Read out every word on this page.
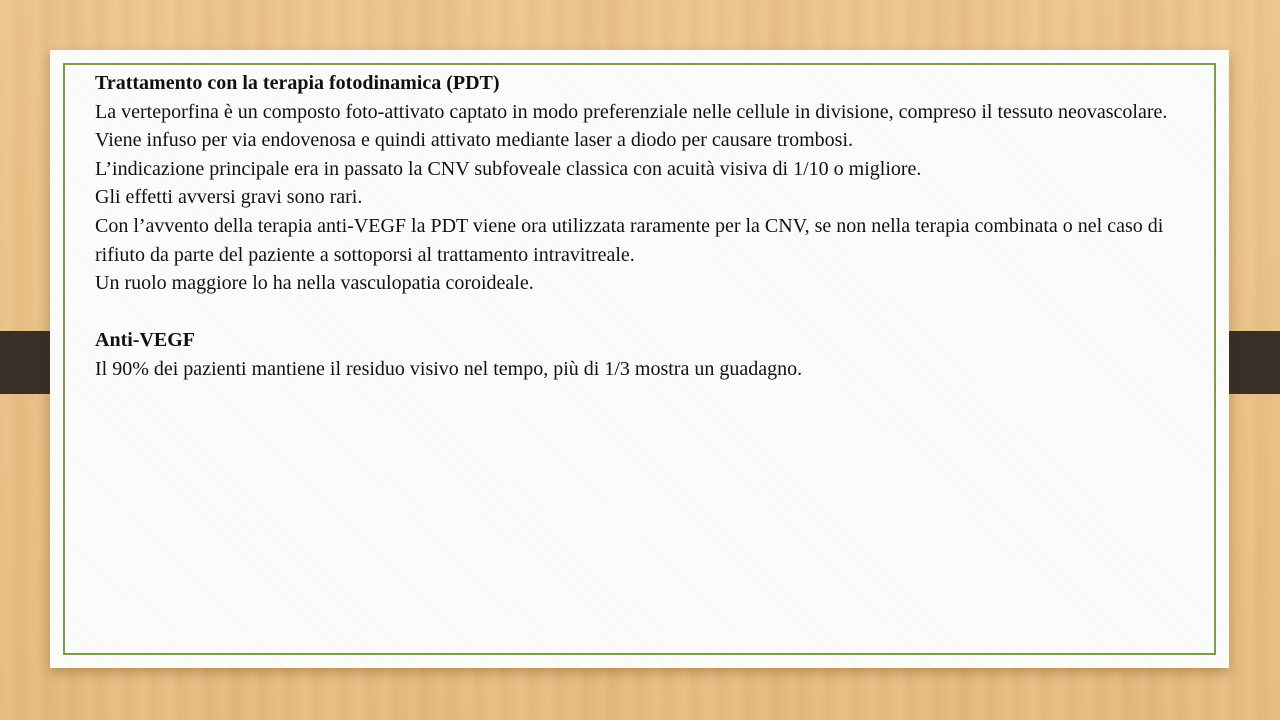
Trattamento con la terapia fotodinamica (PDT)

La verteporfina è un composto foto-attivato captato in modo preferenziale nelle cellule in divisione, compreso il tessuto neovascolare.

Viene infuso per via endovenosa e quindi attivato mediante laser a diodo per causare trombosi.

L’indicazione principale era in passato la CNV subfoveale classica con acuità visiva di 1/10 o migliore.

Gli effetti avversi gravi sono rari.

Con l’avvento della terapia anti-VEGF la PDT viene ora utilizzata raramente per la CNV, se non nella terapia combinata o nel caso di rifiuto da parte del paziente a sottoporsi al trattamento intravitreale.

Un ruolo maggiore lo ha nella vasculopatia coroideale.

Anti-VEGF

Il 90% dei pazienti mantiene il residuo visivo nel tempo, più di 1/3 mostra un guadagno.
